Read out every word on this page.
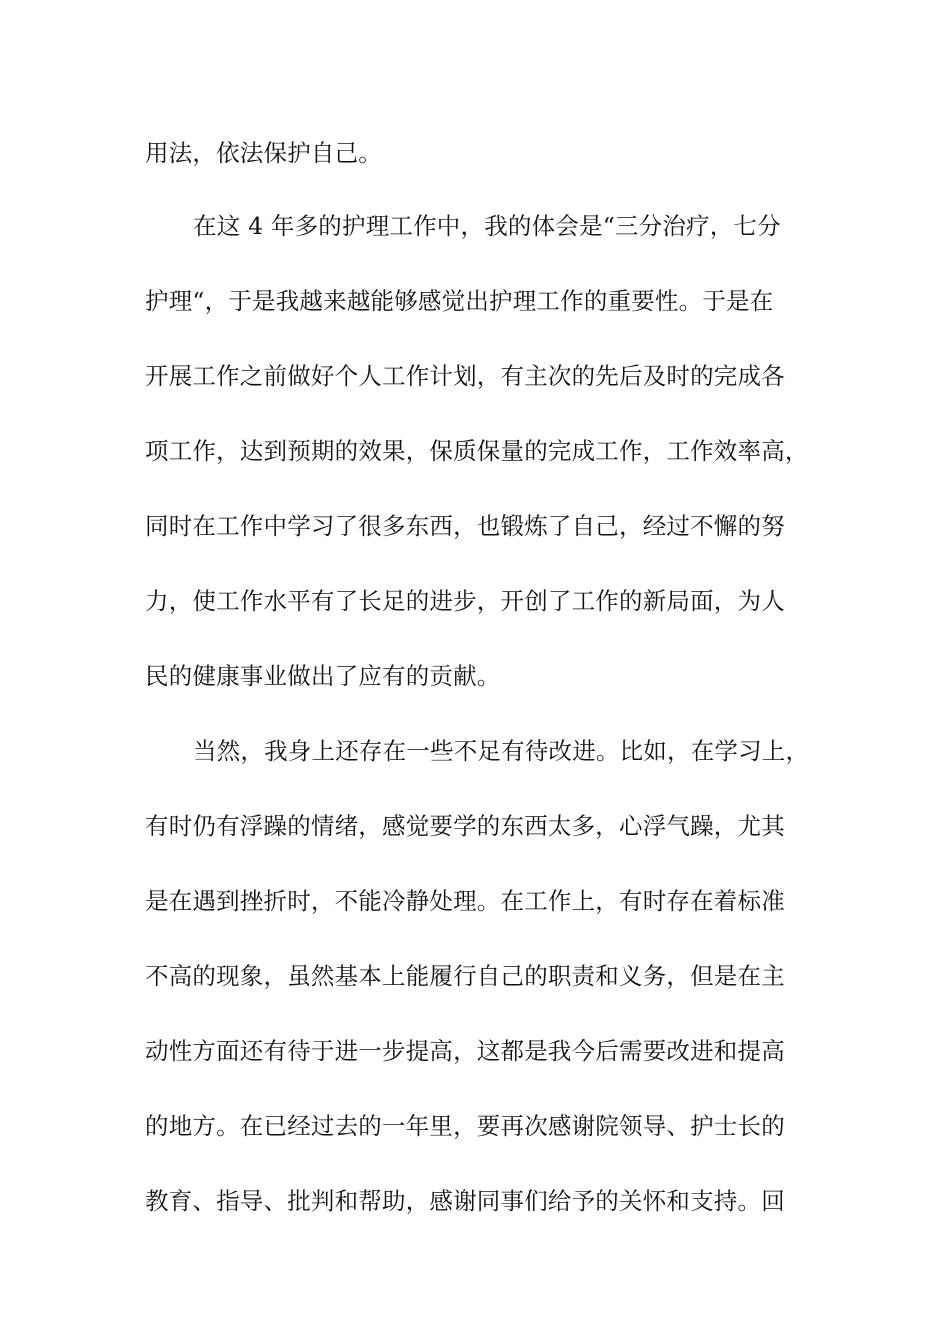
用法，依法保护自己。
在这 4 年多的护理工作中，我的体会是“三分治疗，七分
护理“，于是我越来越能够感觉出护理工作的重要性。于是在
开展工作之前做好个人工作计划，有主次的先后及时的完成各
项工作，达到预期的效果，保质保量的完成工作，工作效率高，
同时在工作中学习了很多东西，也锻炼了自己，经过不懈的努
力，使工作水平有了长足的进步，开创了工作的新局面，为人
民的健康事业做出了应有的贡献。
当然，我身上还存在一些不足有待改进。比如，在学习上，
有时仍有浮躁的情绪，感觉要学的东西太多，心浮气躁，尤其
是在遇到挫折时，不能冷静处理。在工作上，有时存在着标准
不高的现象，虽然基本上能履行自己的职责和义务，但是在主
动性方面还有待于进一步提高，这都是我今后需要改进和提高
的地方。在已经过去的一年里，要再次感谢院领导、护士长的
教育、指导、批判和帮助，感谢同事们给予的关怀和支持。回
